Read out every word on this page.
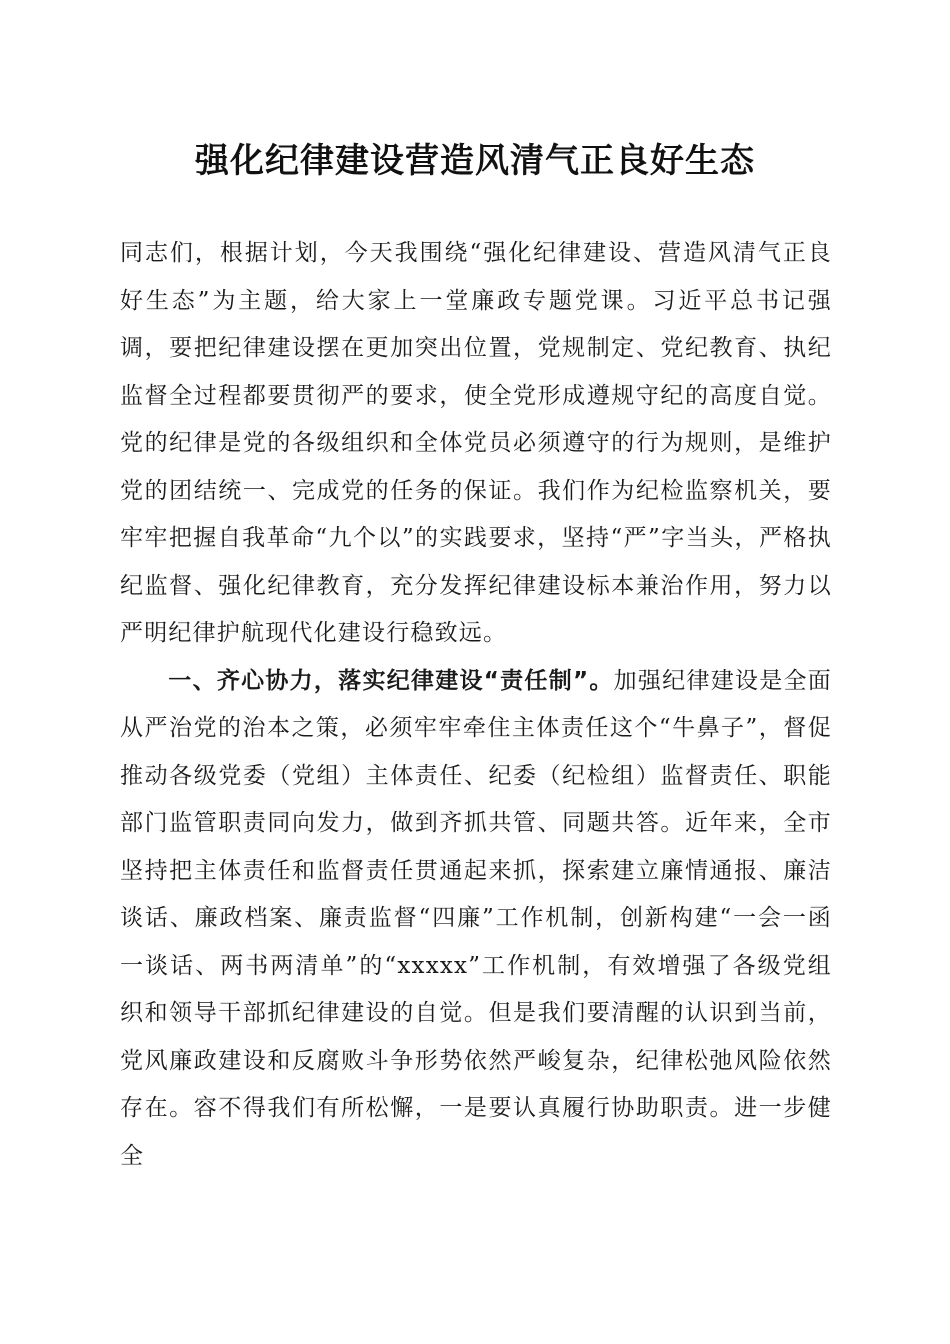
强化纪律建设营造风清气正良好生态

同志们，根据计划，今天我围绕“强化纪律建设、营造风清气正良好生态”为主题，给大家上一堂廉政专题党课。习近平总书记强调，要把纪律建设摆在更加突出位置，党规制定、党纪教育、执纪监督全过程都要贯彻严的要求，使全党形成遵规守纪的高度自觉。党的纪律是党的各级组织和全体党员必须遵守的行为规则，是维护党的团结统一、完成党的任务的保证。我们作为纪检监察机关，要牢牢把握自我革命“九个以”的实践要求，坚持“严”字当头，严格执纪监督、强化纪律教育，充分发挥纪律建设标本兼治作用，努力以严明纪律护航现代化建设行稳致远。

一、齐心协力，落实纪律建设“责任制”。加强纪律建设是全面从严治党的治本之策，必须牢牢牵住主体责任这个“牛鼻子”，督促推动各级党委（党组）主体责任、纪委（纪检组）监督责任、职能部门监管职责同向发力，做到齐抓共管、同题共答。近年来，全市坚持把主体责任和监督责任贯通起来抓，探索建立廉情通报、廉洁谈话、廉政档案、廉责监督“四廉”工作机制，创新构建“一会一函一谈话、两书两清单”的“xxxxx”工作机制，有效增强了各级党组织和领导干部抓纪律建设的自觉。但是我们要清醒的认识到当前，党风廉政建设和反腐败斗争形势依然严峻复杂，纪律松弛风险依然存在。容不得我们有所松懈，一是要认真履行协助职责。进一步健全
